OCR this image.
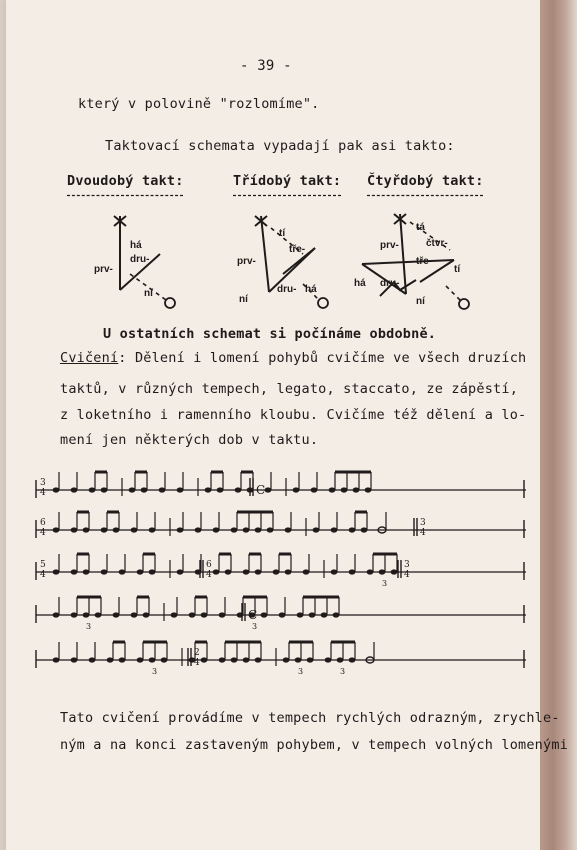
- 39 -
který v polovině "rozlomíme".
Taktovací schemata vypadají pak asi takto:
Dvoudobý takt:	Třídobý takt: Čtyřdobý takt:
há
dru-
prv-
ní
tí
tře-
prv-
dru- há
ní
tá
čtvr-
prv-
tře-
tí
há dru-
ní
U ostatních schemat si počínáme obdobně.
Cvičení: Dělení i lomení pohybů cvičíme ve všech druzích
taktů, v různých tempech, legato, staccato, ze zápěstí,
z loketního i ramenního kloubu. Cvičíme též dělení a lo-
mení jen některých dob v taktu.
3
4	C
6
4
3
4
5
4
3
6
4
3
4
3	3
C
3	3	3
2
4
Tato cvičení provádíme v tempech rychlých odrazným, zrychle-
ným a na konci zastaveným pohybem, v tempech volných lomenými
